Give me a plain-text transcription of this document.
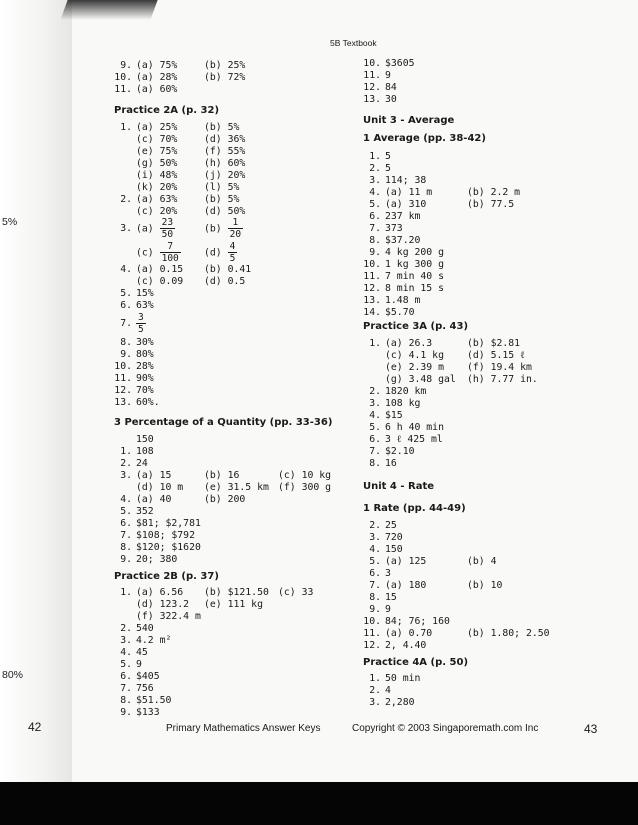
5%
80%
5B Textbook
9. (a) 75%	(b) 25%
10. (a) 28%	(b) 72%
11. (a) 60%
Practice 2A (p. 32)
1. (a) 25%	(b) 5%
(c) 70%	(d) 36%
(e) 75%	(f) 55%
(g) 50%	(h) 60%
(i) 48%	(j) 20%
(k) 20%	(l) 5%
2. (a) 63%	(b) 5%
(c) 20%	(d) 50%
3. $(a) \frac{23}{50}$	$(b) \frac{1}{20}$
$(c) \frac{7}{100} (d) \frac{4}{5}$
4. (a) 0.15 (b) 0.41
(c) 0.09 (d) 0.5
5. 15%
6. 63%
7. $\frac{3}{5}$
8. 30%
9. 80%
10. 28%
11. 90%
12. 70%
13. 60%.
3 Percentage of a Quantity (pp. 33-36)
150
1. 108
2. 24
3. (a) 15	(b) 16	(c) 10 kg
(d) 10 m (e) 31.5 km (f) 300 g
4. (a) 40	(b) 200
5. 352
6. $81; $2,781
7. $108; $792
8. $120; $1620
9. 20; 380
Practice 2B (p. 37)
1. (a) 6.56 (b) $121.50 (c) 33
(d) 123.2 (e) 111 kg
(f) 322.4 m
2. 540
3. 4.2 m²
4. 45
5. 9
6. $405
7. 756
8. $51.50
9. $133
10. $3605
11. 9
12. 84
13. 30
Unit 3 - Average
1 Average (pp. 38-42)
1. 5
2. 5
3. 114; 38
4. (a) 11 m	(b) 2.2 m
5. (a) 310	(b) 77.5
6. 237 km
7. 373
8. $37.20
9. 4 kg 200 g
10. 1 kg 300 g
11. 7 min 40 s
12. 8 min 15 s
13. 1.48 m
14. $5.70
Practice 3A (p. 43)
1. (a) 26.3	(b) $2.81
(c) 4.1 kg (d) 5.15 ℓ
(e) 2.39 m (f) 19.4 km
(g) 3.48 gal (h) 7.77 in.
2. 1820 km
3. 108 kg
4. $15
5. 6 h 40 min
6. 3 ℓ 425 ml
7. $2.10
8. 16
Unit 4 - Rate
1 Rate (pp. 44-49)
2. 25
3. 720
4. 150
5. (a) 125	(b) 4
6. 3
7. (a) 180	(b) 10
8. 15
9. 9
10. 84; 76; 160
11. (a) 0.70	(b) 1.80; 2.50
12. 2, 4.40
Practice 4A (p. 50)
1. 50 min
2. 4
3. 2,280
42	Primary Mathematics Answer Keys	Copyright © 2003 Singaporemath.com Inc	43
